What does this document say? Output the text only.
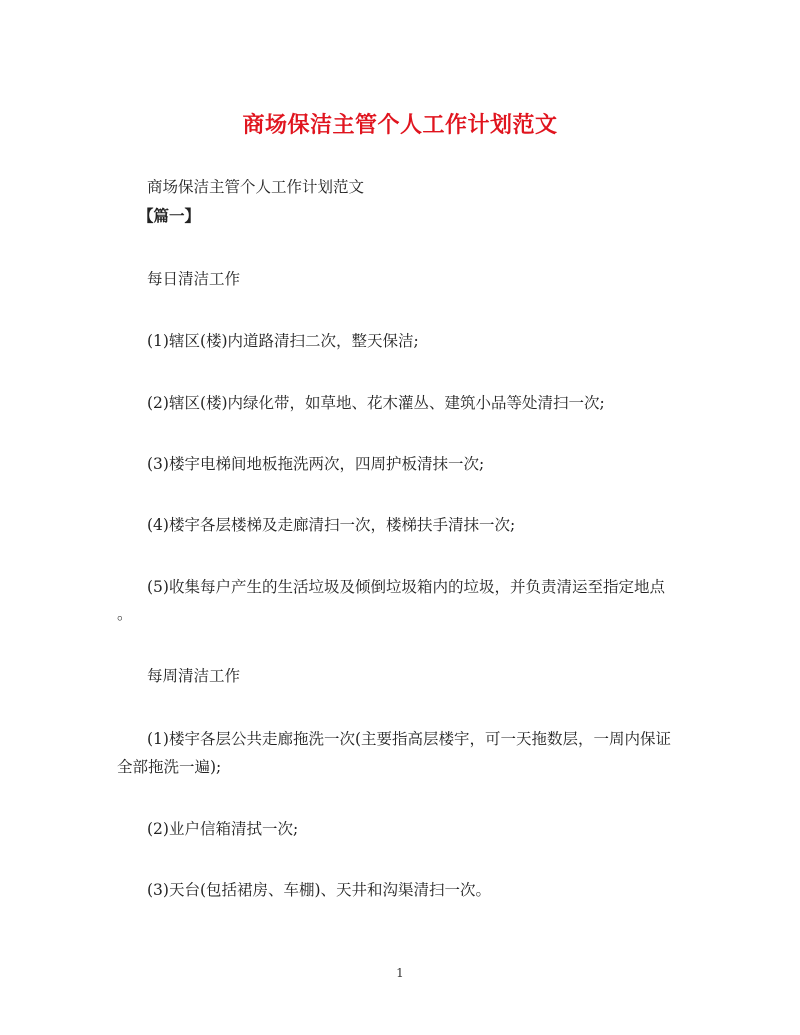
商场保洁主管个人工作计划范文
商场保洁主管个人工作计划范文
【篇一】
每日清洁工作
(1)辖区(楼)内道路清扫二次，整天保洁;
(2)辖区(楼)内绿化带，如草地、花木灌丛、建筑小品等处清扫一次;
(3)楼宇电梯间地板拖洗两次，四周护板清抹一次;
(4)楼宇各层楼梯及走廊清扫一次，楼梯扶手清抹一次;
(5)收集每户产生的生活垃圾及倾倒垃圾箱内的垃圾，并负责清运至指定地点
。
每周清洁工作
(1)楼宇各层公共走廊拖洗一次(主要指高层楼宇，可一天拖数层，一周内保证
全部拖洗一遍);
(2)业户信箱清拭一次;
(3)天台(包括裙房、车棚)、天井和沟渠清扫一次。
1
